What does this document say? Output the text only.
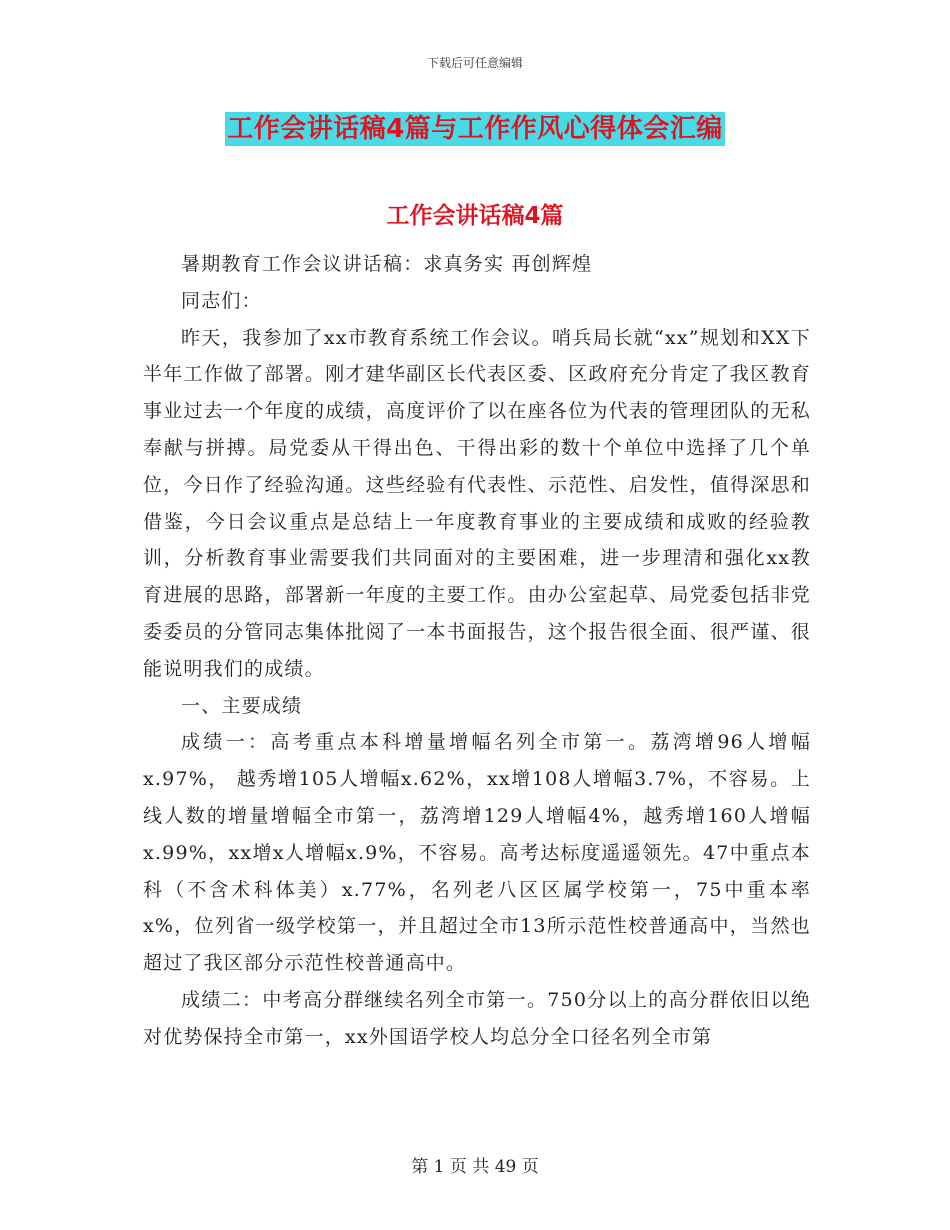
下载后可任意编辑
工作会讲话稿4篇与工作作风心得体会汇编
工作会讲话稿4篇

暑期教育工作会议讲话稿：求真务实 再创辉煌

同志们：

昨天，我参加了xx市教育系统工作会议。哨兵局长就“xx”规划和XX下半年工作做了部署。刚才建华副区长代表区委、区政府充分肯定了我区教育事业过去一个年度的成绩，高度评价了以在座各位为代表的管理团队的无私奉献与拼搏。局党委从干得出色、干得出彩的数十个单位中选择了几个单位，今日作了经验沟通。这些经验有代表性、示范性、启发性，值得深思和借鉴，今日会议重点是总结上一年度教育事业的主要成绩和成败的经验教训，分析教育事业需要我们共同面对的主要困难，进一步理清和强化xx教育进展的思路，部署新一年度的主要工作。由办公室起草、局党委包括非党委委员的分管同志集体批阅了一本书面报告，这个报告很全面、很严谨、很能说明我们的成绩。

一、主要成绩

成绩一：高考重点本科增量增幅名列全市第一。荔湾增96人增幅x.97%， 越秀增105人增幅x.62%，xx增108人增幅3.7%，不容易。上线人数的增量增幅全市第一，荔湾增129人增幅4%，越秀增160人增幅x.99%，xx增x人增幅x.9%，不容易。高考达标度遥遥领先。47中重点本科（不含术科体美）x.77%，名列老八区区属学校第一，75中重本率x%，位列省一级学校第一，并且超过全市13所示范性校普通高中，当然也超过了我区部分示范性校普通高中。

成绩二：中考高分群继续名列全市第一。750分以上的高分群依旧以绝对优势保持全市第一，xx外国语学校人均总分全口径名列全市第

第 1 页 共 49 页
